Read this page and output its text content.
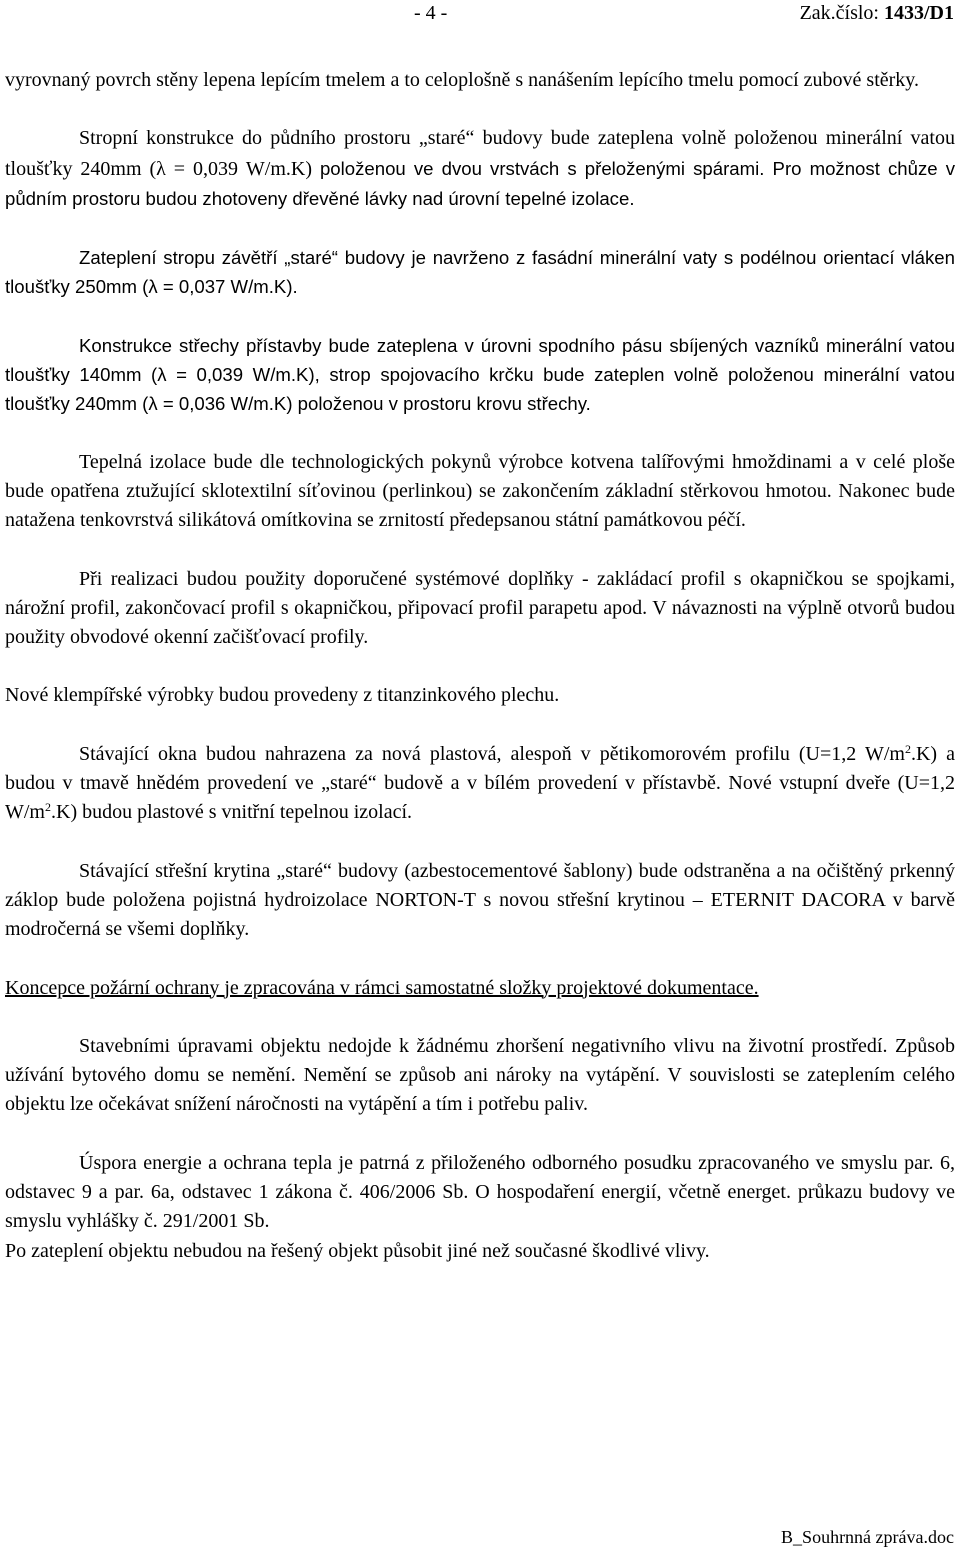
- 4 -	Zak.číslo: 1433/D1

vyrovnaný povrch stěny lepena lepícím tmelem a to celoplošně s nanášením lepícího tmelu pomocí zubové stěrky.

Stropní konstrukce do půdního prostoru „staré“ budovy bude zateplena volně položenou minerální vatou tloušťky 240mm (λ = 0,039 W/m.K) položenou ve dvou vrstvách s přeloženými spárami. Pro možnost chůze v půdním prostoru budou zhotoveny dřevěné lávky nad úrovní tepelné izolace.

Zateplení stropu závětří „staré“ budovy je navrženo z fasádní minerální vaty s podélnou orientací vláken tloušťky 250mm (λ = 0,037 W/m.K).

Konstrukce střechy přístavby bude zateplena v úrovni spodního pásu sbíjených vazníků minerální vatou tloušťky 140mm (λ = 0,039 W/m.K), strop spojovacího krčku bude zateplen volně položenou minerální vatou tloušťky 240mm (λ = 0,036 W/m.K) položenou v prostoru krovu střechy.

Tepelná izolace bude dle technologických pokynů výrobce kotvena talířovými hmoždinami a v celé ploše bude opatřena ztužující sklotextilní síťovinou (perlinkou) se zakončením základní stěrkovou hmotou. Nakonec bude natažena tenkovrstvá silikátová omítkovina se zrnitostí předepsanou státní památkovou péčí.

Při realizaci budou použity doporučené systémové doplňky - zakládací profil s okapničkou se spojkami, nárožní profil, zakončovací profil s okapničkou, připovací profil parapetu apod. V návaznosti na výplně otvorů budou použity obvodové okenní začišťovací profily.

Nové klempířské výrobky budou provedeny z titanzinkového plechu.

Stávající okna budou nahrazena za nová plastová, alespoň v pětikomorovém profilu (U=1,2 $W/m^2.K$) a budou v tmavě hnědém provedení ve „staré“ budově a v bílém provedení v přístavbě. Nové vstupní dveře (U=1,2 $W/m^2.K$) budou plastové s vnitřní tepelnou izolací.

Stávající střešní krytina „staré“ budovy (azbestocementové šablony) bude odstraněna a na očištěný prkenný záklop bude položena pojistná hydroizolace NORTON-T s novou střešní krytinou – ETERNIT DACORA v barvě modročerná se všemi doplňky.

Koncepce požární ochrany je zpracována v rámci samostatné složky projektové dokumentace.

Stavebními úpravami objektu nedojde k žádnému zhoršení negativního vlivu na životní prostředí. Způsob užívání bytového domu se nemění. Nemění se způsob ani nároky na vytápění. V souvislosti se zateplením celého objektu lze očekávat snížení náročnosti na vytápění a tím i potřebu paliv.

Úspora energie a ochrana tepla je patrná z přiloženého odborného posudku zpracovaného ve smyslu par. 6, odstavec 9 a par. 6a, odstavec 1 zákona č. 406/2006 Sb. O hospodaření energií, včetně energet. průkazu budovy ve smyslu vyhlášky č. 291/2001 Sb.

Po zateplení objektu nebudou na řešený objekt působit jiné než současné škodlivé vlivy.

B_Souhrnná zpráva.doc
